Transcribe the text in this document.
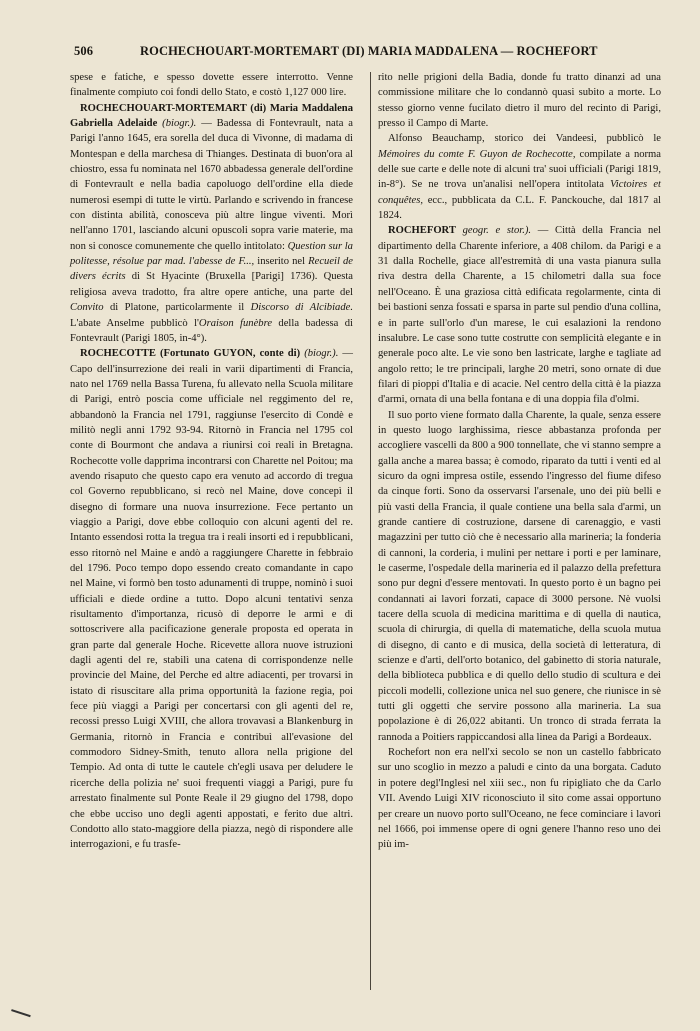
506	ROCHECHOUART-MORTEMART (DI) MARIA MADDALENA — ROCHEFORT

spese e fatiche, e spesso dovette essere interrotto. Venne finalmente compiuto coi fondi dello Stato, e costò 1,127 000 lire.

ROCHECHOUART-MORTEMART (di) Maria Maddalena Gabriella Adelaide (biogr.). — Badessa di Fontevrault, nata a Parigi l'anno 1645, era sorella del duca di Vivonne, di madama di Montespan e della marchesa di Thianges. Destinata di buon'ora al chiostro, essa fu nominata nel 1670 abbadessa generale dell'ordine di Fontevrault e nella badia capoluogo dell'ordine ella diede numerosi esempi di tutte le virtù. Parlando e scrivendo in francese con distinta abilità, conosceva più altre lingue viventi. Morì nell'anno 1701, lasciando alcuni opuscoli sopra varie materie, ma non si conosce comunemente che quello intitolato: Question sur la politesse, résolue par mad. l'abesse de F..., inserito nel Recueil de divers écrits di St Hyacinte (Bruxella [Parigi] 1736). Questa religiosa aveva tradotto, fra altre opere antiche, una parte del Convito di Platone, particolarmente il Discorso di Alcibiade. L'abate Anselme pubblicò l'Oraison funèbre della badessa di Fontevrault (Parigi 1805, in-4°).

ROCHECOTTE (Fortunato GUYON, conte di) (biogr.). — Capo dell'insurrezione dei reali in varii dipartimenti di Francia, nato nel 1769 nella Bassa Turena, fu allevato nella Scuola militare di Parigi, entrò poscia come ufficiale nel reggimento del re, abbandonò la Francia nel 1791, raggiunse l'esercito di Condè e militò negli anni 1792 93-94. Ritornò in Francia nel 1795 col conte di Bourmont che andava a riunirsi coi reali in Bretagna. Rochecotte volle dapprima incontrarsi con Charette nel Poitou; ma avendo risaputo che questo capo era venuto ad accordo di tregua col Governo repubblicano, si recò nel Maine, dove concepì il disegno di formare una nuova insurrezione. Fece pertanto un viaggio a Parigi, dove ebbe colloquio con alcuni agenti del re. Intanto essendosi rotta la tregua tra i reali insorti ed i repubblicani, esso ritornò nel Maine e andò a raggiungere Charette in febbraio del 1796. Poco tempo dopo essendo creato comandante in capo nel Maine, vi formò ben tosto adunamenti di truppe, nominò i suoi ufficiali e diede ordine a tutto. Dopo alcuni tentativi senza risultamento d'importanza, ricusò di deporre le armi e di sottoscrivere alla pacificazione generale proposta ed operata in gran parte dal generale Hoche. Ricevette allora nuove istruzioni dagli agenti del re, stabilì una catena di corrispondenze nelle provincie del Maine, del Perche ed altre adiacenti, per trovarsi in istato di risuscitare alla prima opportunità la fazione regia, poi fece più viaggi a Parigi per concertarsi con gli agenti del re, recossi presso Luigi XVIII, che allora trovavasi a Blankenburg in Germania, ritornò in Francia e contribuì all'evasione del commodoro Sidney-Smith, tenuto allora nella prigione del Tempio. Ad onta di tutte le cautele ch'egli usava per deludere le ricerche della polizia ne' suoi frequenti viaggi a Parigi, pure fu arrestato finalmente sul Ponte Reale il 29 giugno del 1798, dopo che ebbe ucciso uno degli agenti appostati, e ferito due altri. Condotto allo stato-maggiore della piazza, negò di rispondere alle interrogazioni, e fu trasfe-

rito nelle prigioni della Badia, donde fu tratto dinanzi ad una commissione militare che lo condannò quasi subito a morte. Lo stesso giorno venne fucilato dietro il muro del recinto di Parigi, presso il Campo di Marte.

Alfonso Beauchamp, storico dei Vandeesi, pubblicò le Mémoires du comte F. Guyon de Rochecotte, compilate a norma delle sue carte e delle note di alcuni tra' suoi ufficiali (Parigi 1819, in-8°). Se ne trova un'analisi nell'opera intitolata Victoires et conquêtes, ecc., pubblicata da C.L. F. Panckouche, dal 1817 al 1824.

ROCHEFORT geogr. e stor.). — Città della Francia nel dipartimento della Charente inferiore, a 408 chilom. da Parigi e a 31 dalla Rochelle, giace all'estremità di una vasta pianura sulla riva destra della Charente, a 15 chilometri dalla sua foce nell'Oceano. È una graziosa città edificata regolarmente, cinta di bei bastioni senza fossati e sparsa in parte sul pendìo d'una collina, e in parte sull'orlo d'un marese, le cui esalazioni la rendono insalubre. Le case sono tutte costrutte con semplicità elegante e in generale poco alte. Le vie sono ben lastricate, larghe e tagliate ad angolo retto; le tre principali, larghe 20 metri, sono ornate di due filari di pioppi d'Italia e di acacie. Nel centro della città è la piazza d'armi, ornata di una bella fontana e di una doppia fila d'olmi.

Il suo porto viene formato dalla Charente, la quale, senza essere in questo luogo larghissima, riesce abbastanza profonda per accogliere vascelli da 800 a 900 tonnellate, che vi stanno sempre a galla anche a marea bassa; è comodo, riparato da tutti i venti ed al sicuro da ogni impresa ostile, essendo l'ingresso del fiume difeso da cinque forti. Sono da osservarsi l'arsenale, uno dei più belli e più vasti della Francia, il quale contiene una bella sala d'armi, un grande cantiere di costruzione, darsene di carenaggio, e vasti magazzini per tutto ciò che è necessario alla marineria; la fonderia di cannoni, la corderia, i mulini per nettare i porti e per laminare, le caserme, l'ospedale della marineria ed il palazzo della prefettura sono pur degni d'essere mentovati. In questo porto è un bagno pei condannati ai lavori forzati, capace di 3000 persone. Nè vuolsi tacere della scuola di medicina marittima e di quella di nautica, scuola di chirurgia, di quella di matematiche, della scuola mutua di disegno, di canto e di musica, della società di letteratura, di scienze e d'arti, dell'orto botanico, del gabinetto di storia naturale, della biblioteca pubblica e di quello dello studio di scultura e dei piccoli modelli, collezione unica nel suo genere, che riunisce in sè tutti gli oggetti che servire possono alla marineria. La sua popolazione è di 26,022 abitanti. Un tronco di strada ferrata la rannoda a Poitiers rappiccandosi alla linea da Parigi a Bordeaux.

Rochefort non era nell'xi secolo se non un castello fabbricato sur uno scoglio in mezzo a paludi e cinto da una borgata. Caduto in potere degl'Inglesi nel xiii sec., non fu ripigliato che da Carlo VII. Avendo Luigi XIV riconosciuto il sito come assai opportuno per creare un nuovo porto sull'Oceano, ne fece cominciare i lavori nel 1666, poi immense opere di ogni genere l'hanno reso uno dei più im-
